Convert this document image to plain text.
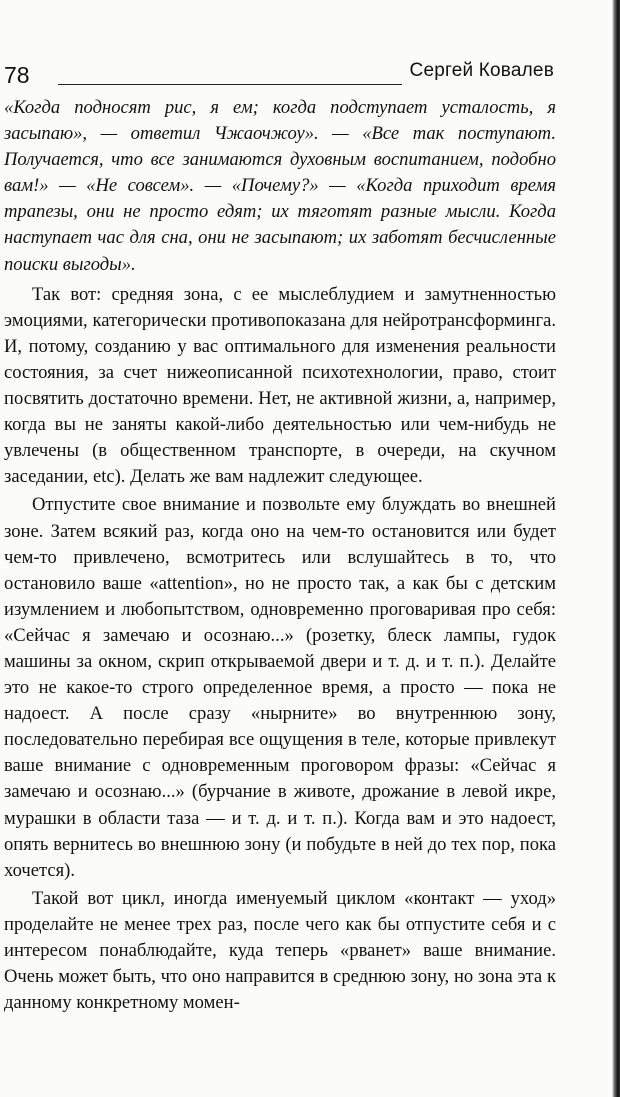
78	Сергей Ковалев

«Когда подносят рис, я ем; когда подступает усталость, я засыпаю», — ответил Чжаочжоу». — «Все так поступают. Получается, что все занимаются духовным воспитанием, подобно вам!» — «Не совсем». — «Почему?» — «Когда приходит время трапезы, они не просто едят; их тяготят разные мысли. Когда наступает час для сна, они не засыпают; их заботят бесчисленные поиски выгоды».

Так вот: средняя зона, с ее мыслеблудием и замутненностью эмоциями, категорически противопоказана для нейротрансформинга. И, потому, созданию у вас оптимального для изменения реальности состояния, за счет нижеописанной психотехнологии, право, стоит посвятить достаточно времени. Нет, не активной жизни, а, например, когда вы не заняты какой-либо деятельностью или чем-нибудь не увлечены (в общественном транспорте, в очереди, на скучном заседании, etc). Делать же вам надлежит следующее.

Отпустите свое внимание и позвольте ему блуждать во внешней зоне. Затем всякий раз, когда оно на чем-то остановится или будет чем-то привлечено, всмотритесь или вслушайтесь в то, что остановило ваше «attention», но не просто так, а как бы с детским изумлением и любопытством, одновременно проговаривая про себя: «Сейчас я замечаю и осознаю...» (розетку, блеск лампы, гудок машины за окном, скрип открываемой двери и т. д. и т. п.). Делайте это не какое-то строго определенное время, а просто — пока не надоест. А после сразу «нырните» во внутреннюю зону, последовательно перебирая все ощущения в теле, которые привлекут ваше внимание с одновременным проговором фразы: «Сейчас я замечаю и осознаю...» (бурчание в животе, дрожание в левой икре, мурашки в области таза — и т. д. и т. п.). Когда вам и это надоест, опять вернитесь во внешнюю зону (и побудьте в ней до тех пор, пока хочется).

Такой вот цикл, иногда именуемый циклом «контакт — уход» проделайте не менее трех раз, после чего как бы отпустите себя и с интересом понаблюдайте, куда теперь «рванет» ваше внимание. Очень может быть, что оно направится в среднюю зону, но зона эта к данному конкретному момен-
